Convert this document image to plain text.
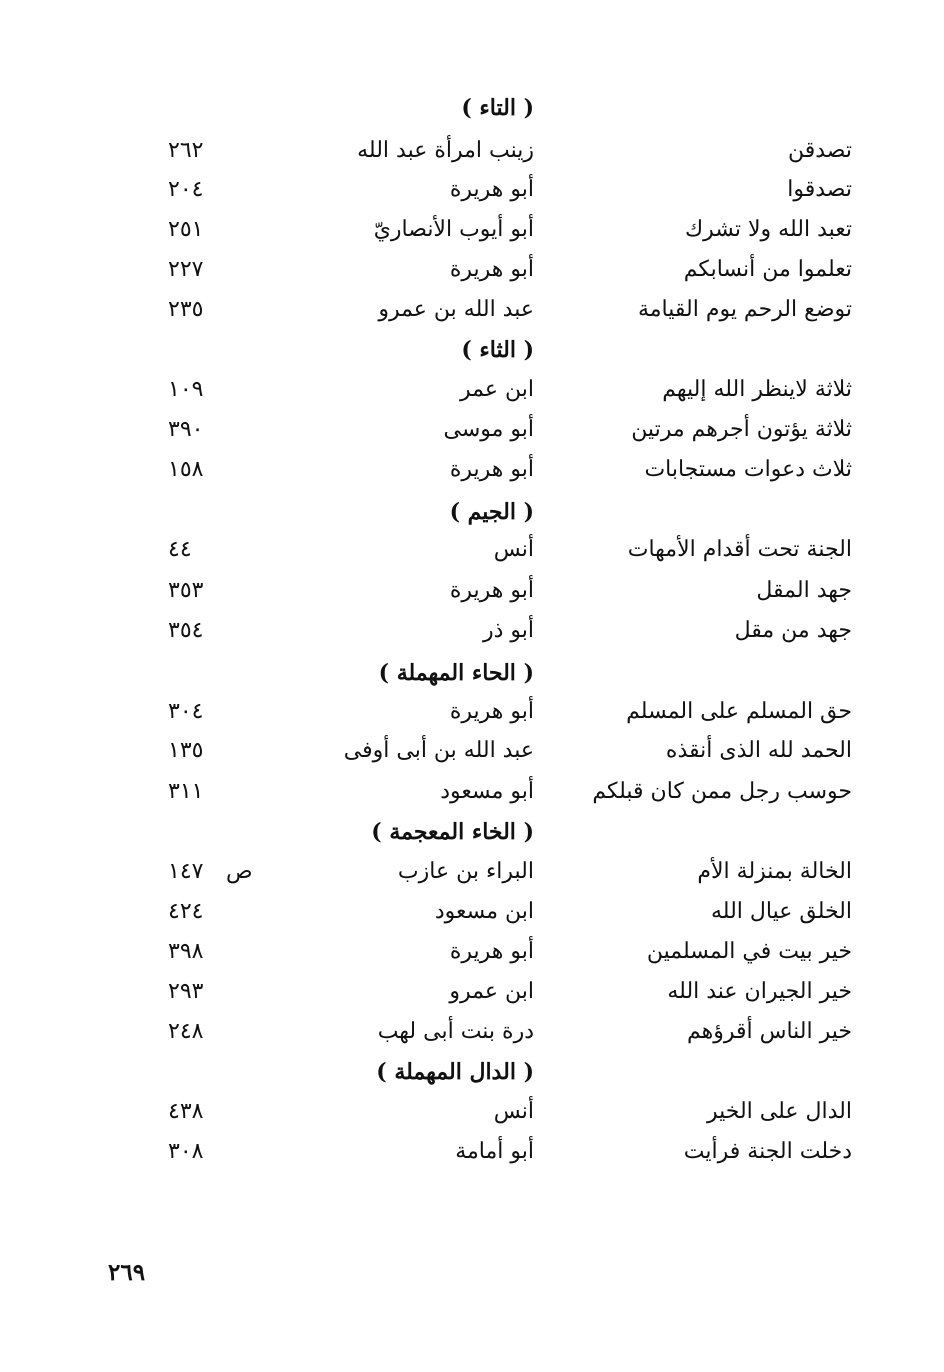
( التاء )
تصدقن
زينب امرأة عبد الله
٢٦٢
تصدقوا
أبو هريرة
٢٠٤
تعبد الله ولا تشرك
أبو أيوب الأنصاريّ
٢٥١
تعلموا من أنسابكم
أبو هريرة
٢٢٧
توضع الرحم يوم القيامة
عبد الله بن عمرو
٢٣٥
( الثاء )
ثلاثة لاينظر الله إليهم
ابن عمر
١٠٩
ثلاثة يؤتون أجرهم مرتين
أبو موسى
٣٩٠
ثلاث دعوات مستجابات
أبو هريرة
١٥٨
( الجيم )
الجنة تحت أقدام الأمهات
أنس
٤٤
جهد المقل
أبو هريرة
٣٥٣
جهد من مقل
أبو ذر
٣٥٤
( الحاء المهملة )
حق المسلم على المسلم
أبو هريرة
٣٠٤
الحمد لله الذى أنقذه
عبد الله بن أبى أوفى
١٣٥
حوسب رجل ممن كان قبلكم
أبو مسعود
٣١١
( الخاء المعجمة )
الخالة بمنزلة الأم
البراء بن عازب
ص
١٤٧
الخلق عيال الله
ابن مسعود
٤٢٤
خير بيت في المسلمين
أبو هريرة
٣٩٨
خير الجيران عند الله
ابن عمرو
٢٩٣
خير الناس أقرؤهم
درة بنت أبى لهب
٢٤٨
( الدال المهملة )
الدال على الخير
أنس
٤٣٨
دخلت الجنة فرأيت
أبو أمامة
٣٠٨
٢٦٩
